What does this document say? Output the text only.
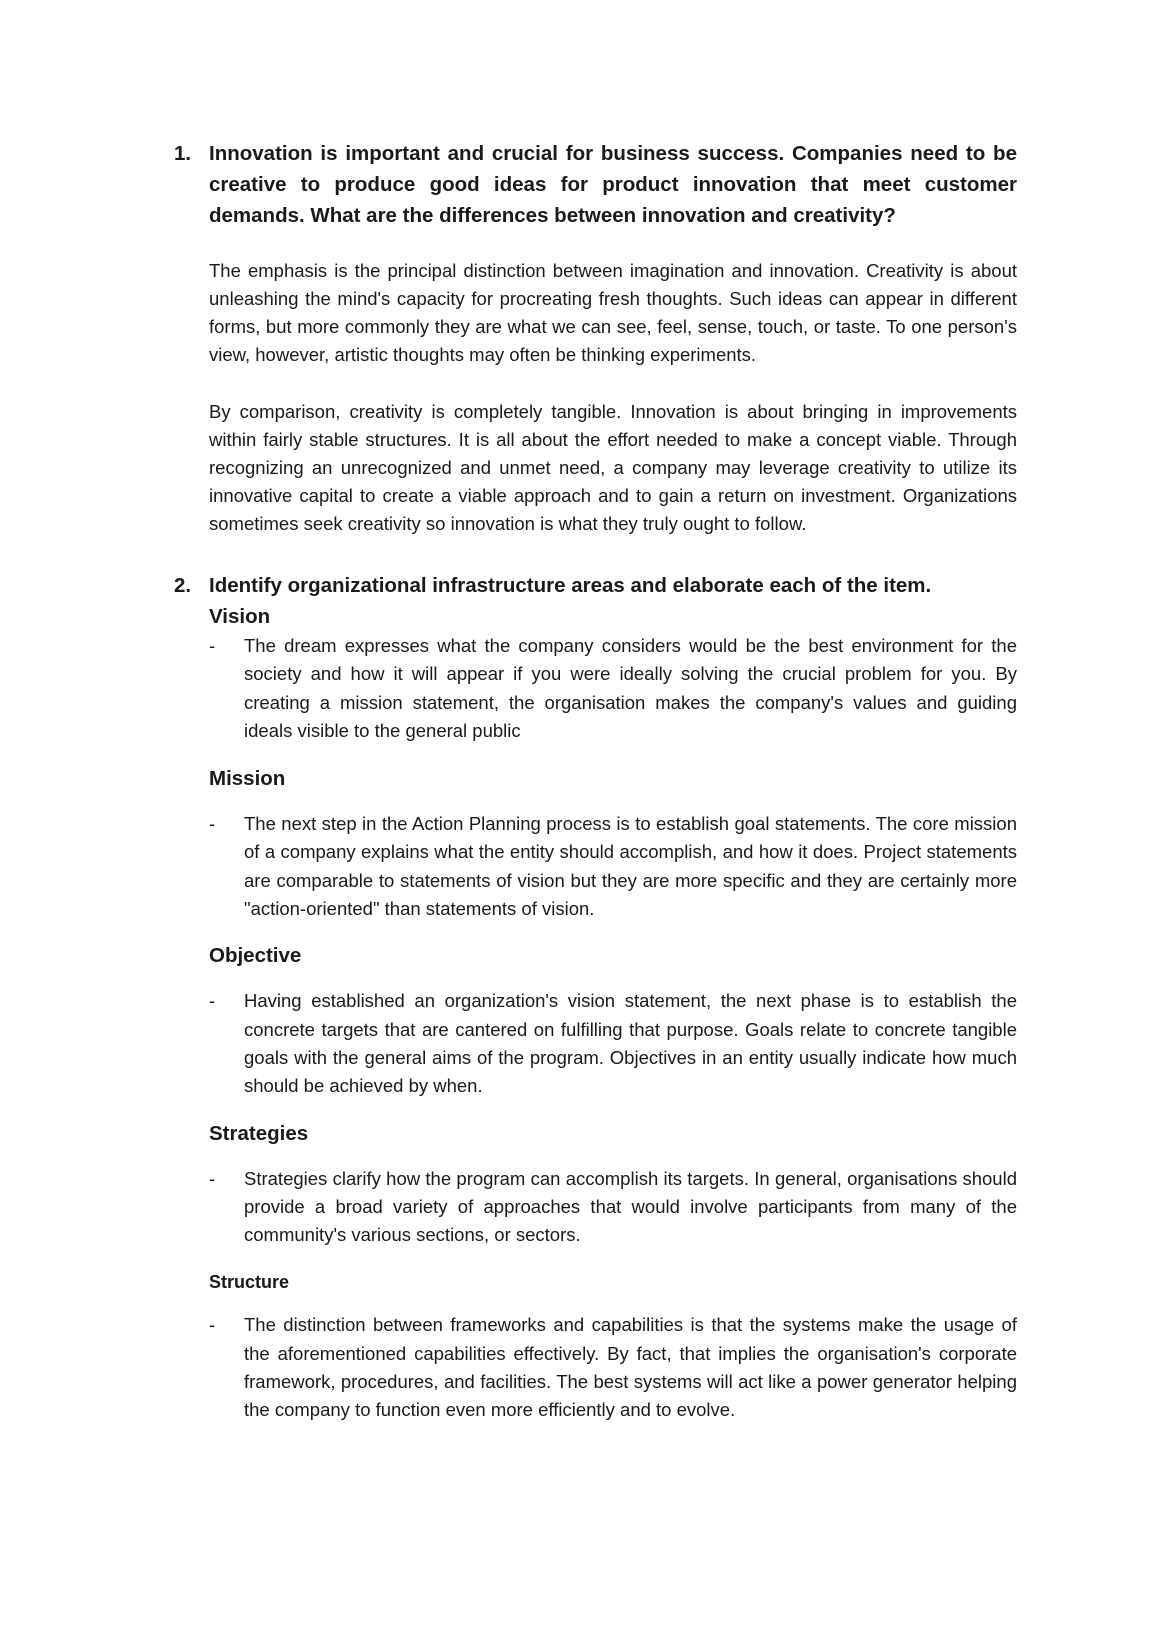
1. Innovation is important and crucial for business success. Companies need to be creative to produce good ideas for product innovation that meet customer demands. What are the differences between innovation and creativity?
The emphasis is the principal distinction between imagination and innovation. Creativity is about unleashing the mind's capacity for procreating fresh thoughts. Such ideas can appear in different forms, but more commonly they are what we can see, feel, sense, touch, or taste. To one person's view, however, artistic thoughts may often be thinking experiments.
By comparison, creativity is completely tangible. Innovation is about bringing in improvements within fairly stable structures. It is all about the effort needed to make a concept viable. Through recognizing an unrecognized and unmet need, a company may leverage creativity to utilize its innovative capital to create a viable approach and to gain a return on investment. Organizations sometimes seek creativity so innovation is what they truly ought to follow.
2. Identify organizational infrastructure areas and elaborate each of the item.
Vision
-	The dream expresses what the company considers would be the best environment for the society and how it will appear if you were ideally solving the crucial problem for you. By creating a mission statement, the organisation makes the company's values and guiding ideals visible to the general public
Mission
-	The next step in the Action Planning process is to establish goal statements. The core mission of a company explains what the entity should accomplish, and how it does. Project statements are comparable to statements of vision but they are more specific and they are certainly more "action-oriented" than statements of vision.
Objective
-	Having established an organization's vision statement, the next phase is to establish the concrete targets that are cantered on fulfilling that purpose. Goals relate to concrete tangible goals with the general aims of the program. Objectives in an entity usually indicate how much should be achieved by when.
Strategies
-	Strategies clarify how the program can accomplish its targets. In general, organisations should provide a broad variety of approaches that would involve participants from many of the community's various sections, or sectors.
Structure
-	The distinction between frameworks and capabilities is that the systems make the usage of the aforementioned capabilities effectively. By fact, that implies the organisation's corporate framework, procedures, and facilities. The best systems will act like a power generator helping the company to function even more efficiently and to evolve.
